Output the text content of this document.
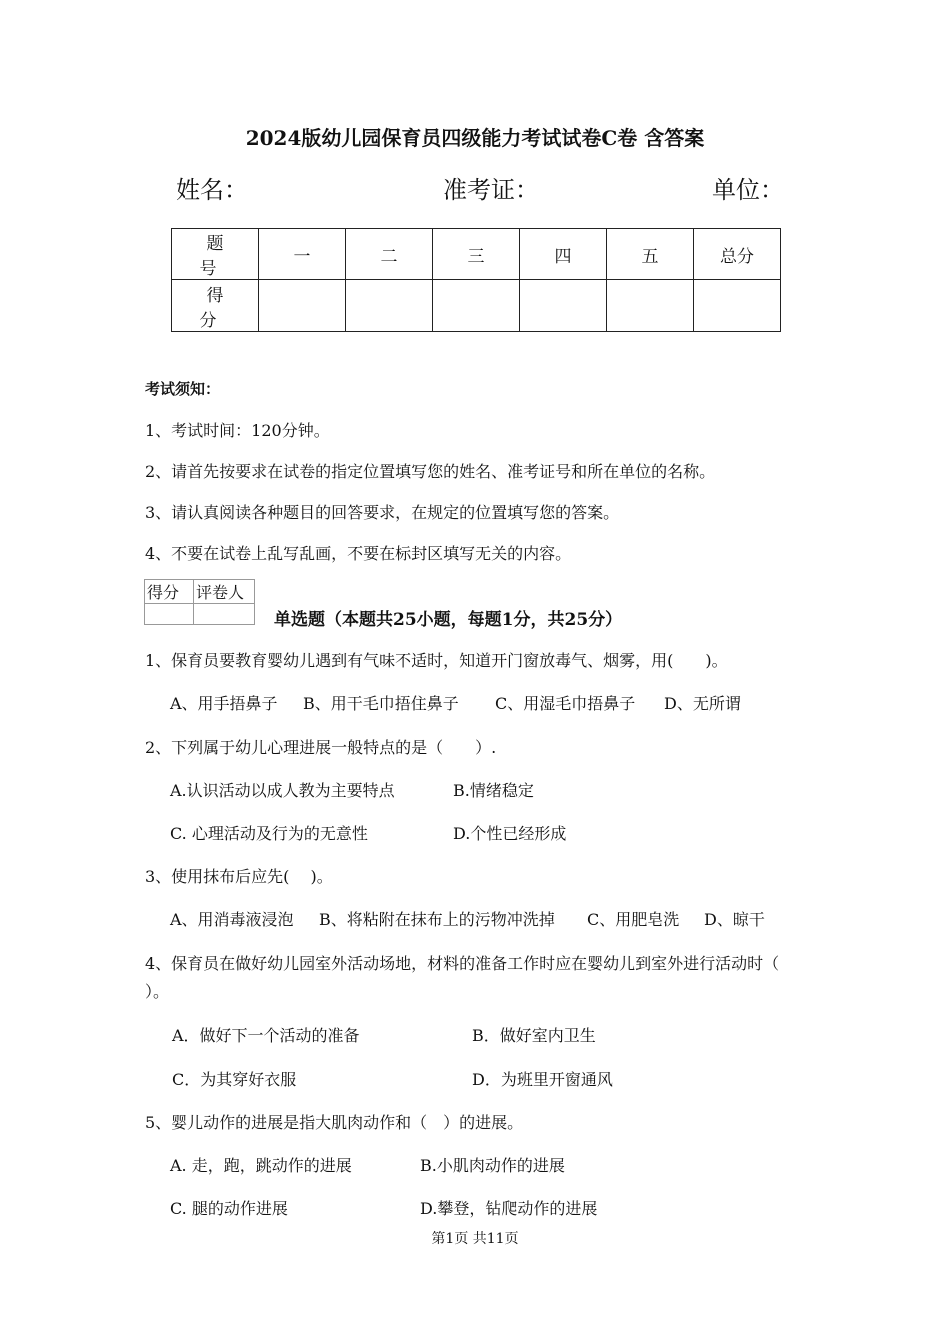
2024版幼儿园保育员四级能力考试试卷C卷 含答案
姓名：	准考证：	单位：
题 号	一	二	三	四	五	总分
得 分						
考试须知：
1、考试时间：120分钟。
2、请首先按要求在试卷的指定位置填写您的姓名、准考证号和所在单位的名称。
3、请认真阅读各种题目的回答要求，在规定的位置填写您的答案。
4、不要在试卷上乱写乱画，不要在标封区填写无关的内容。
得分	评卷人

单选题（本题共25小题，每题1分，共25分）
1、保育员要教育婴幼儿遇到有气味不适时，知道开门窗放毒气、烟雾，用(　　)。
A、用手捂鼻子 B、用干毛巾捂住鼻子 C、用湿毛巾捂鼻子 D、无所谓
2、下列属于幼儿心理进展一般特点的是（　　）.
A.认识活动以成人教为主要特点	B.情绪稳定
C. 心理活动及行为的无意性	D.个性已经形成
3、使用抹布后应先(　 )。
A、用消毒液浸泡 B、将粘附在抹布上的污物冲洗掉 C、用肥皂洗 D、晾干
4、保育员在做好幼儿园室外活动场地，材料的准备工作时应在婴幼儿到室外进行活动时（
）。
A．做好下一个活动的准备	B．做好室内卫生
C．为其穿好衣服	D．为班里开窗通风
5、婴儿动作的进展是指大肌肉动作和（　）的进展。
A. 走，跑，跳动作的进展	B.小肌肉动作的进展
C. 腿的动作进展	D.攀登，钻爬动作的进展
第1页 共11页
